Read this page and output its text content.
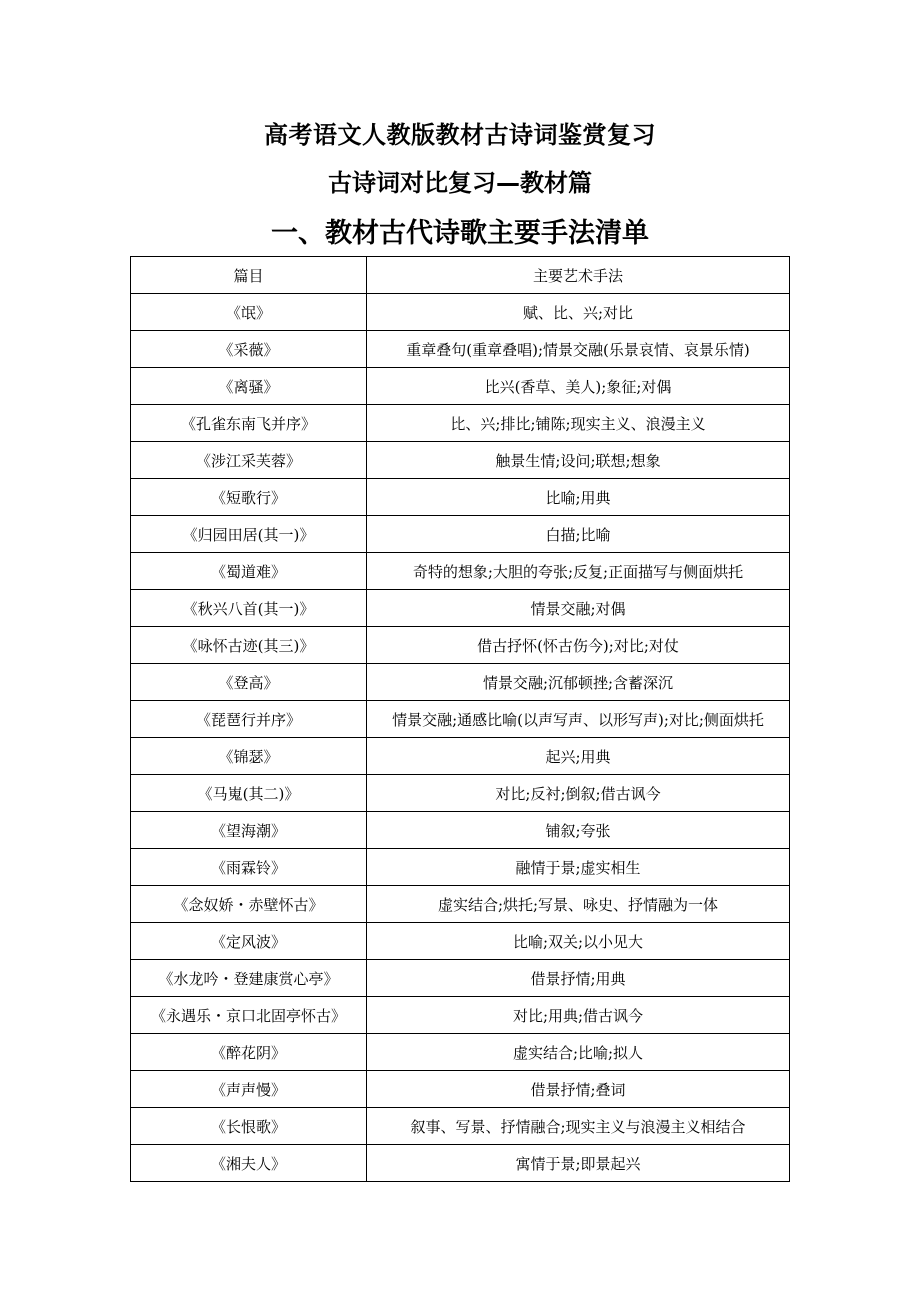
高考语文人教版教材古诗词鉴赏复习
古诗词对比复习—教材篇
一、教材古代诗歌主要手法清单
篇目	主要艺术手法
《氓》	赋、比、兴;对比
《采薇》	重章叠句(重章叠唱);情景交融(乐景哀情、哀景乐情)
《离骚》	比兴(香草、美人);象征;对偶
《孔雀东南飞并序》	比、兴;排比;铺陈;现实主义、浪漫主义
《涉江采芙蓉》	触景生情;设问;联想;想象
《短歌行》	比喻;用典
《归园田居(其一)》	白描;比喻
《蜀道难》	奇特的想象;大胆的夸张;反复;正面描写与侧面烘托
《秋兴八首(其一)》	情景交融;对偶
《咏怀古迹(其三)》	借古抒怀(怀古伤今);对比;对仗
《登高》	情景交融;沉郁顿挫;含蓄深沉
《琵琶行并序》	情景交融;通感比喻(以声写声、以形写声);对比;侧面烘托
《锦瑟》	起兴;用典
《马嵬(其二)》	对比;反衬;倒叙;借古讽今
《望海潮》	铺叙;夸张
《雨霖铃》	融情于景;虚实相生
《念奴娇・赤壁怀古》	虚实结合;烘托;写景、咏史、抒情融为一体
《定风波》	比喻;双关;以小见大
《水龙吟・登建康赏心亭》	借景抒情;用典
《永遇乐・京口北固亭怀古》	对比;用典;借古讽今
《醉花阴》	虚实结合;比喻;拟人
《声声慢》	借景抒情;叠词
《长恨歌》	叙事、写景、抒情融合;现实主义与浪漫主义相结合
《湘夫人》	寓情于景;即景起兴
